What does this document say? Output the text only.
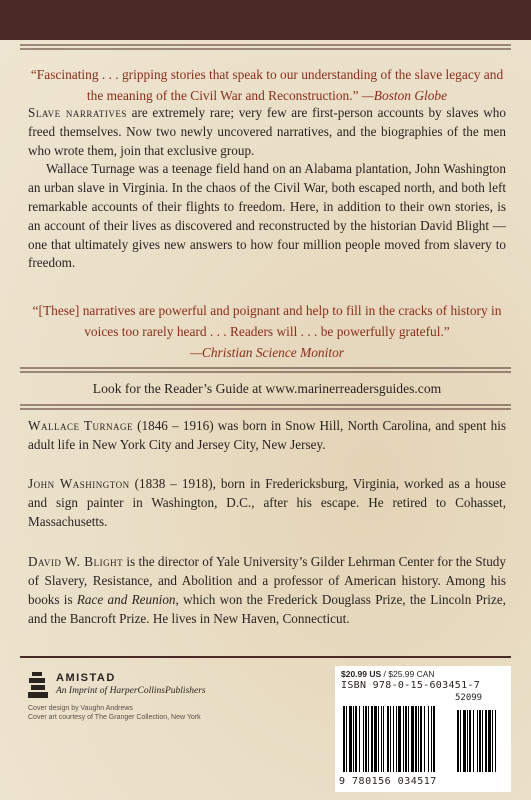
“Fascinating . . . gripping stories that speak to our understanding of the slave legacy and the meaning of the Civil War and Reconstruction.” —Boston Globe

Slave narratives are extremely rare; very few are first-person accounts by slaves who freed themselves. Now two newly uncovered narratives, and the biographies of the men who wrote them, join that exclusive group.

Wallace Turnage was a teenage field hand on an Alabama plantation, John Washington an urban slave in Virginia. In the chaos of the Civil War, both escaped north, and both left remarkable accounts of their flights to freedom. Here, in addition to their own stories, is an account of their lives as discovered and reconstructed by the historian David Blight — one that ultimately gives new answers to how four million people moved from slavery to freedom.

“[These] narratives are powerful and poignant and help to fill in the cracks of history in voices too rarely heard . . . Readers will . . . be powerfully grateful.”
—Christian Science Monitor
Look for the Reader’s Guide at www.marinerreadersguides.com

Wallace Turnage (1846 – 1916) was born in Snow Hill, North Carolina, and spent his adult life in New York City and Jersey City, New Jersey.

John Washington (1838 – 1918), born in Fredericksburg, Virginia, worked as a house and sign painter in Washington, D.C., after his escape. He retired to Cohasset, Massachusetts.

David W. Blight is the director of Yale University’s Gilder Lehrman Center for the Study of Slavery, Resistance, and Abolition and a professor of American history. Among his books is Race and Reunion, which won the Frederick Douglass Prize, the Lincoln Prize, and the Bancroft Prize. He lives in New Haven, Connecticut.

AMISTAD
An Imprint of HarperCollinsPublishers
Cover design by Vaughn Andrews
Cover art courtesy of The Granger Collection, New York
$20.99 US / $25.99 CAN
ISBN 978-0-15-603451-7
52099
9 780156 034517
